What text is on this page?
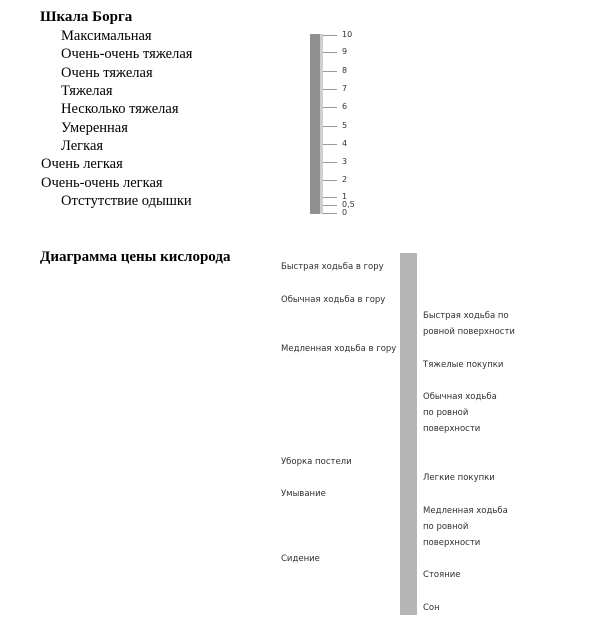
Шкала Борга
Максимальная
Очень-очень тяжелая
Очень тяжелая
Тяжелая
Несколько тяжелая
Умеренная
Легкая
Очень легкая
Очень-очень легкая
Отстутствие одышки
10
9
8
7
6
5
4
3
2
1
0,5
0
Диаграмма цены кислорода
Быстрая ходьба в гору
Обычная ходьба в гору
Медленная ходьба в гору
Уборка постели
Умывание
Сидение
Быстрая ходьба по
ровной поверхности
Тяжелые покупки
Обычная ходьба
по ровной
поверхности
Легкие покупки
Медленная ходьба
по ровной
поверхности
Стояние
Сон
